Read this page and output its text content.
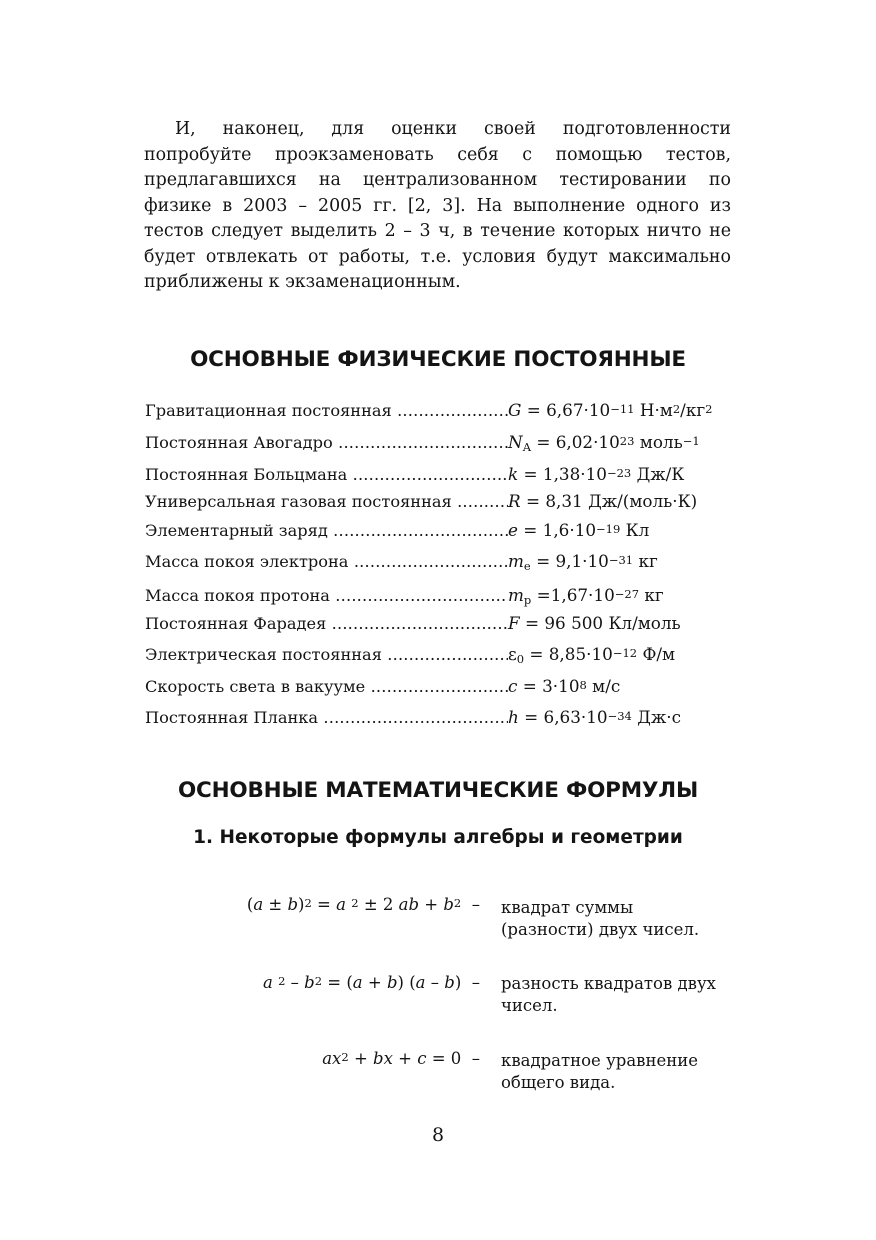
И, наконец, для оценки своей подготовленности попробуйте проэкзаменовать себя с помощью тестов, предлагавшихся на централизованном тестировании по физике в 2003 – 2005 гг. [2, 3]. На выполнение одного из тестов следует выделить 2 – 3 ч, в течение которых ничто не будет отвлекать от работы, т.е. условия будут максимально приближены к экзаменационным.

ОСНОВНЫЕ ФИЗИЧЕСКИЕ ПОСТОЯННЫЕ
Гравитационная постоянная .....	$G = 6,67\cdot 10^{-11}$ $Н\cdot м^2/кг^2$
Постоянная Авогадро .....	$N_A = 6,02\cdot 10^{23}$ моль$^{-1}$
Постоянная Больцмана .....	$k = 1,38\cdot 10^{-23}$ Дж/К
Универсальная газовая постоянная .....	R = 8,31 Дж/(моль·К)
Элементарный заряд .....	$e = 1,6\cdot 10^{-19}$ Кл
Масса покоя электрона .....	$m_e = 9,1\cdot 10^{-31}$ кг
Масса покоя протона .....	$m_p =1,67\cdot 10^{-27}$ кг
Постоянная Фарадея .....	F = 96 500 Кл/моль
Электрическая постоянная .....	$\varepsilon_0 = 8,85\cdot 10^{-12}$ Ф/м
Скорость света в вакууме .....	$c = 3\cdot 10^8$ м/с
Постоянная Планка .....	$h = 6,63\cdot 10^{-34}$ Дж·с
ОСНОВНЫЕ МАТЕМАТИЧЕСКИЕ ФОРМУЛЫ
1. Некоторые формулы алгебры и геометрии
$(a \pm b)^2 = a$ $^2$ ± 2 ab + $b^2$  – квадрат суммы
(разности) двух чисел.
a $^2 - b^2 = (a + b)$ (a – b)  – разность квадратов двух
чисел.
$ax^2$ + bx + c = 0  – квадратное уравнение
общего вида.
8
